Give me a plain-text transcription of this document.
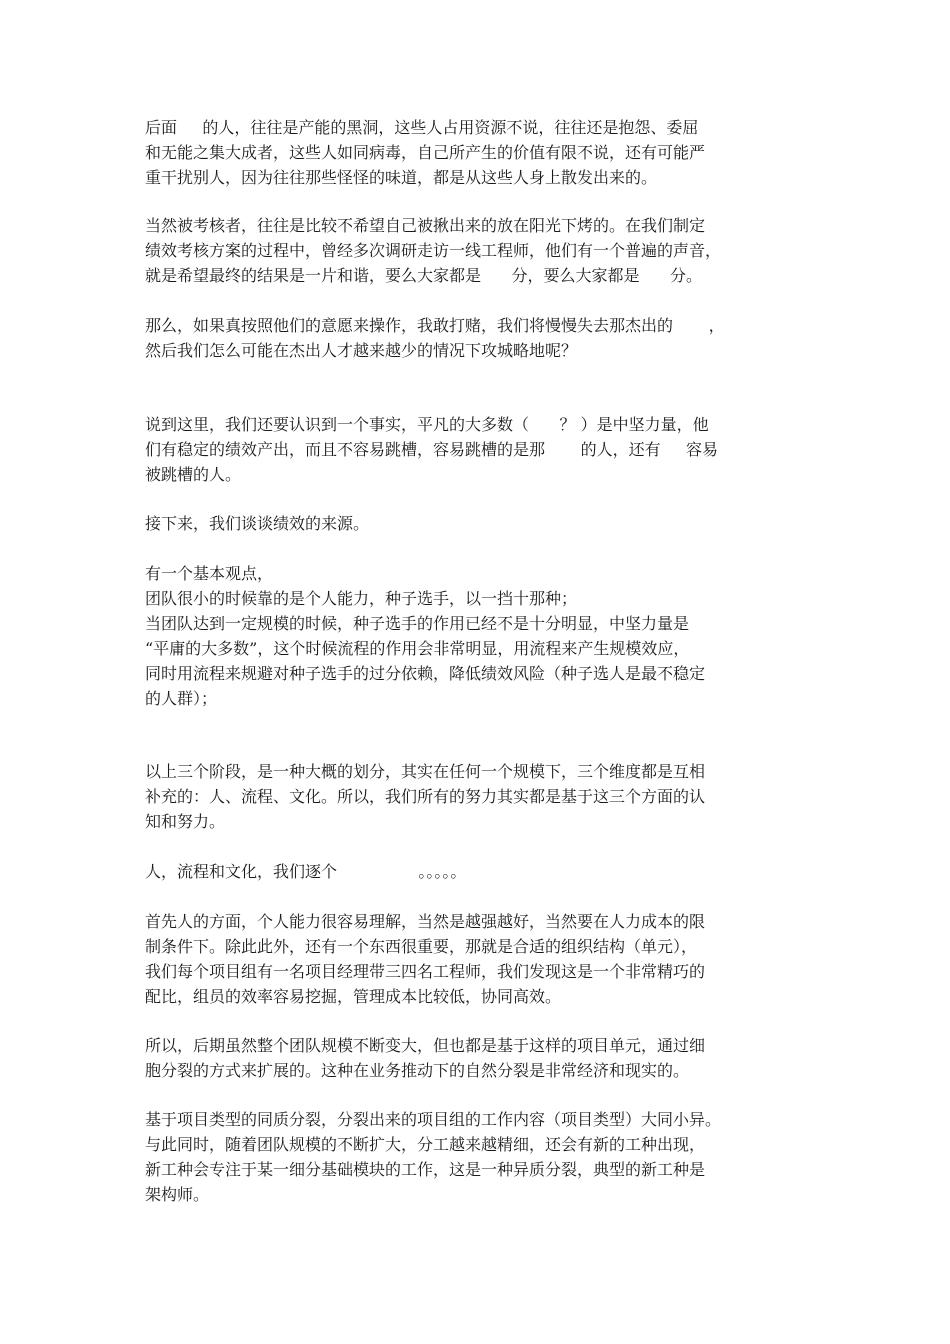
后面     的人，往往是产能的黑洞，这些人占用资源不说，往往还是抱怨、委屈
和无能之集大成者，这些人如同病毒，自己所产生的价值有限不说，还有可能严
重干扰别人，因为往往那些怪怪的味道，都是从这些人身上散发出来的。
当然被考核者，往往是比较不希望自己被揪出来的放在阳光下烤的。在我们制定
绩效考核方案的过程中，曾经多次调研走访一线工程师，他们有一个普遍的声音，
就是希望最终的结果是一片和谐，要么大家都是      分，要么大家都是      分。
那么，如果真按照他们的意愿来操作，我敢打赌，我们将慢慢失去那杰出的       ，
然后我们怎么可能在杰出人才越来越少的情况下攻城略地呢？
说到这里，我们还要认识到一个事实，平凡的大多数（      ？ ）是中坚力量，他
们有稳定的绩效产出，而且不容易跳槽，容易跳槽的是那       的人，还有     容易
被跳槽的人。
接下来，我们谈谈绩效的来源。
有一个基本观点，
团队很小的时候靠的是个人能力，种子选手，以一挡十那种；
当团队达到一定规模的时候，种子选手的作用已经不是十分明显，中坚力量是
“平庸的大多数”，这个时候流程的作用会非常明显，用流程来产生规模效应，
同时用流程来规避对种子选手的过分依赖，降低绩效风险（种子选人是最不稳定
的人群）；
以上三个阶段，是一种大概的划分，其实在任何一个规模下，三个维度都是互相
补充的：人、流程、文化。所以，我们所有的努力其实都是基于这三个方面的认
知和努力。
人，流程和文化，我们逐个                。。。。。
首先人的方面，个人能力很容易理解，当然是越强越好，当然要在人力成本的限
制条件下。除此此外，还有一个东西很重要，那就是合适的组织结构（单元），
我们每个项目组有一名项目经理带三四名工程师，我们发现这是一个非常精巧的
配比，组员的效率容易挖掘，管理成本比较低，协同高效。
所以，后期虽然整个团队规模不断变大，但也都是基于这样的项目单元，通过细
胞分裂的方式来扩展的。这种在业务推动下的自然分裂是非常经济和现实的。
基于项目类型的同质分裂，分裂出来的项目组的工作内容（项目类型）大同小异。
与此同时，随着团队规模的不断扩大，分工越来越精细，还会有新的工种出现，
新工种会专注于某一细分基础模块的工作，这是一种异质分裂，典型的新工种是
架构师。
